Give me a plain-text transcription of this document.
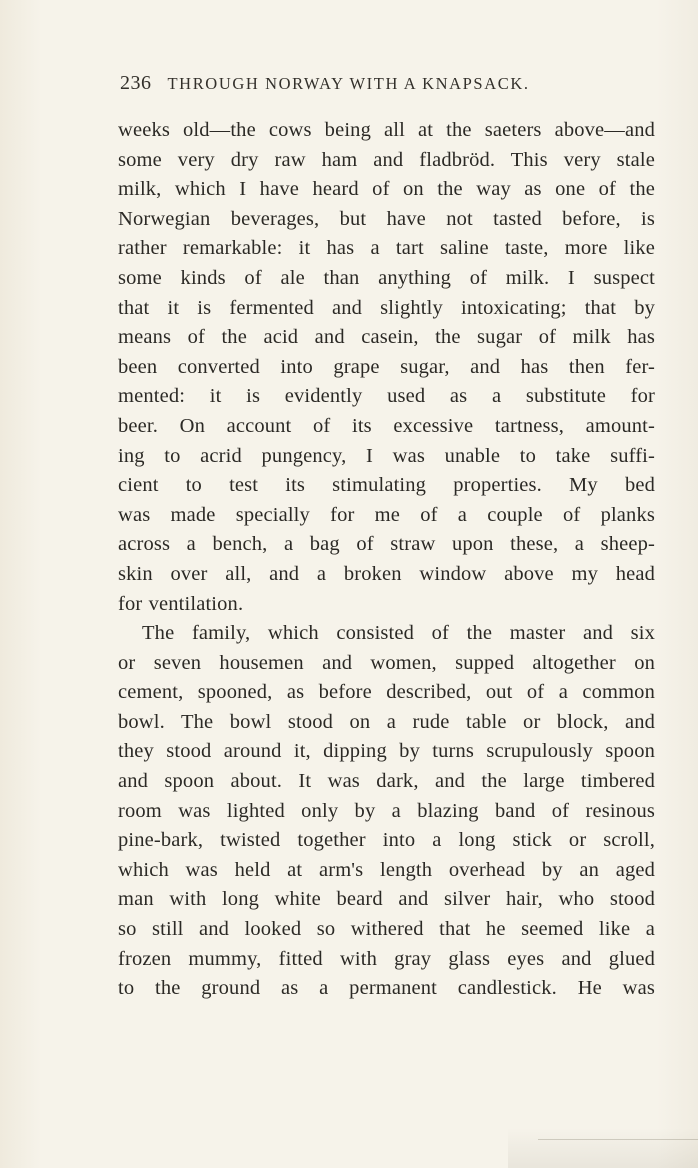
236 THROUGH NORWAY WITH A KNAPSACK.
weeks old—the cows being all at the saeters above—and
some very dry raw ham and fladbröd. This very stale
milk, which I have heard of on the way as one of the
Norwegian beverages, but have not tasted before, is
rather remarkable: it has a tart saline taste, more like
some kinds of ale than anything of milk. I suspect
that it is fermented and slightly intoxicating; that by
means of the acid and casein, the sugar of milk has
been converted into grape sugar, and has then fer-
mented: it is evidently used as a substitute for
beer. On account of its excessive tartness, amount-
ing to acrid pungency, I was unable to take suffi-
cient to test its stimulating properties. My bed
was made specially for me of a couple of planks
across a bench, a bag of straw upon these, a sheep-
skin over all, and a broken window above my head
for ventilation.
The family, which consisted of the master and six
or seven housemen and women, supped altogether on
cement, spooned, as before described, out of a common
bowl. The bowl stood on a rude table or block, and
they stood around it, dipping by turns scrupulously spoon
and spoon about. It was dark, and the large timbered
room was lighted only by a blazing band of resinous
pine-bark, twisted together into a long stick or scroll,
which was held at arm's length overhead by an aged
man with long white beard and silver hair, who stood
so still and looked so withered that he seemed like a
frozen mummy, fitted with gray glass eyes and glued
to the ground as a permanent candlestick. He was
